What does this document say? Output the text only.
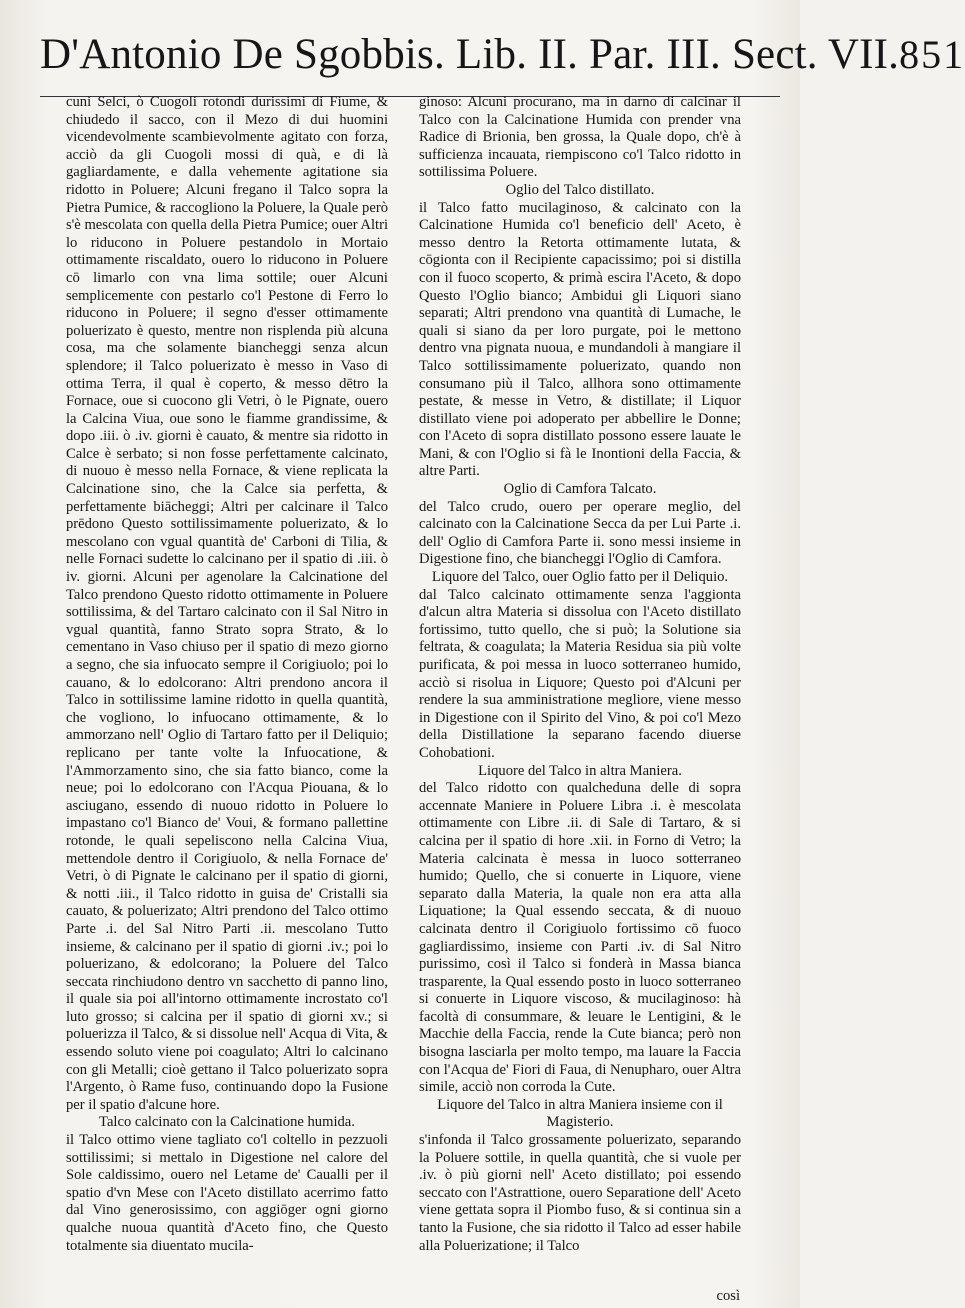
D'Antonio De Sgobbis. Lib. II. Par. III. Sect. VII. 851

cuni Selci, ò Cuogoli rotondi durissimi di Fiume, & chiudedo il sacco, con il Mezo di dui huomini vicendevolmente scambievolmente agitato con forza, acciò da gli Cuogoli mossi di quà, e di là gagliardamente, e dalla vehemente agitatione sia ridotto in Poluere; Alcuni fregano il Talco sopra la Pietra Pumice, & raccogliono la Poluere, la Quale però s'è mescolata con quella della Pietra Pumice; ouer Altri lo riducono in Poluere pestandolo in Mortaio ottimamente riscaldato, ouero lo riducono in Poluere cō limarlo con vna lima sottile; ouer Alcuni semplicemente con pestarlo co'l Pestone di Ferro lo riducono in Poluere; il segno d'esser ottimamente poluerizato è questo, mentre non risplenda più alcuna cosa, ma che solamente biancheggi senza alcun splendore; il Talco poluerizato è messo in Vaso di ottima Terra, il qual è coperto, & messo dētro la Fornace, oue si cuocono gli Vetri, ò le Pignate, ouero la Calcina Viua, oue sono le fiamme grandissime, & dopo .iii. ò .iv. giorni è cauato, & mentre sia ridotto in Calce è serbato; si non fosse perfettamente calcinato, di nuouo è messo nella Fornace, & viene replicata la Calcinatione sino, che la Calce sia perfetta, & perfettamente biācheggi; Altri per calcinare il Talco prēdono Questo sottilissimamente poluerizato, & lo mescolano con vgual quantità de' Carboni di Tilia, & nelle Fornaci sudette lo calcinano per il spatio di .iii. ò iv. giorni. Alcuni per agenolare la Calcinatione del Talco prendono Questo ridotto ottimamente in Poluere sottilissima, & del Tartaro calcinato con il Sal Nitro in vgual quantità, fanno Strato sopra Strato, & lo cementano in Vaso chiuso per il spatio di mezo giorno a segno, che sia infuocato sempre il Corigiuolo; poi lo cauano, & lo edolcorano: Altri prendono ancora il Talco in sottilissime lamine ridotto in quella quantità, che vogliono, lo infuocano ottimamente, & lo ammorzano nell' Oglio di Tartaro fatto per il Deliquio; replicano per tante volte la Infuocatione, & l'Ammorzamento sino, che sia fatto bianco, come la neue; poi lo edolcorano con l'Acqua Piouana, & lo asciugano, essendo di nuouo ridotto in Poluere lo impastano co'l Bianco de' Voui, & formano pallettine rotonde, le quali sepeliscono nella Calcina Viua, mettendole dentro il Corigiuolo, & nella Fornace de' Vetri, ò di Pignate le calcinano per il spatio di giorni, & notti .iii., il Talco ridotto in guisa de' Cristalli sia cauato, & poluerizato; Altri prendono del Talco ottimo Parte .i. del Sal Nitro Parti .ii. mescolano Tutto insieme, & calcinano per il spatio di giorni .iv.; poi lo poluerizano, & edolcorano; la Poluere del Talco seccata rinchiudono dentro vn sacchetto di panno lino, il quale sia poi all'intorno ottimamente incrostato co'l luto grosso; si calcina per il spatio di giorni xv.; si poluerizza il Talco, & si dissolue nell' Acqua di Vita, & essendo soluto viene poi coagulato; Altri lo calcinano con gli Metalli; cioè gettano il Talco poluerizato sopra l'Argento, ò Rame fuso, continuando dopo la Fusione per il spatio d'alcune hore.

Talco calcinato con la Calcinatione humida.

il Talco ottimo viene tagliato co'l coltello in pezzuoli sottilissimi; si mettalo in Digestione nel calore del Sole caldissimo, ouero nel Letame de' Caualli per il spatio d'vn Mese con l'Aceto distillato acerrimo fatto dal Vino generosissimo, con aggiōger ogni giorno qualche nuoua quantità d'Aceto fino, che Questo totalmente sia diuentato mucila-

ginoso: Alcuni procurano, ma in darno di calcinar il Talco con la Calcinatione Humida con prender vna Radice di Brionia, ben grossa, la Quale dopo, ch'è à sufficienza incauata, riempiscono co'l Talco ridotto in sottilissima Poluere.

Oglio del Talco distillato.

il Talco fatto mucilaginoso, & calcinato con la Calcinatione Humida co'l beneficio dell' Aceto, è messo dentro la Retorta ottimamente lutata, & cōgionta con il Recipiente capacissimo; poi si distilla con il fuoco scoperto, & primà escira l'Aceto, & dopo Questo l'Oglio bianco; Ambidui gli Liquori siano separati; Altri prendono vna quantità di Lumache, le quali si siano da per loro purgate, poi le mettono dentro vna pignata nuoua, e mundandoli à mangiare il Talco sottilissimamente poluerizato, quando non consumano più il Talco, allhora sono ottimamente pestate, & messe in Vetro, & distillate; il Liquor distillato viene poi adoperato per abbellire le Donne; con l'Aceto di sopra distillato possono essere lauate le Mani, & con l'Oglio si fà le Inontioni della Faccia, & altre Parti.

Oglio di Camfora Talcato.

del Talco crudo, ouero per operare meglio, del calcinato con la Calcinatione Secca da per Lui Parte .i. dell' Oglio di Camfora Parte ii. sono messi insieme in Digestione fino, che biancheggi l'Oglio di Camfora.

Liquore del Talco, ouer Oglio fatto per il Deliquio.

dal Talco calcinato ottimamente senza l'aggionta d'alcun altra Materia si dissolua con l'Aceto distillato fortissimo, tutto quello, che si può; la Solutione sia feltrata, & coagulata; la Materia Residua sia più volte purificata, & poi messa in luoco sotterraneo humido, acciò si risolua in Liquore; Questo poi d'Alcuni per rendere la sua amministratione megliore, viene messo in Digestione con il Spirito del Vino, & poi co'l Mezo della Distillatione la separano facendo diuerse Cohobationi.

Liquore del Talco in altra Maniera.

del Talco ridotto con qualcheduna delle di sopra accennate Maniere in Poluere Libra .i. è mescolata ottimamente con Libre .ii. di Sale di Tartaro, & si calcina per il spatio di hore .xii. in Forno di Vetro; la Materia calcinata è messa in luoco sotterraneo humido; Quello, che si conuerte in Liquore, viene separato dalla Materia, la quale non era atta alla Liquatione; la Qual essendo seccata, & di nuouo calcinata dentro il Corigiuolo fortissimo cō fuoco gagliardissimo, insieme con Parti .iv. di Sal Nitro purissimo, così il Talco si fonderà in Massa bianca trasparente, la Qual essendo posto in luoco sotterraneo si conuerte in Liquore viscoso, & mucilaginoso: hà facoltà di consummare, & leuare le Lentigini, & le Macchie della Faccia, rende la Cute bianca; però non bisogna lasciarla per molto tempo, ma lauare la Faccia con l'Acqua de' Fiori di Faua, di Nenupharo, ouer Altra simile, acciò non corroda la Cute.

Liquore del Talco in altra Maniera insieme con il Magisterio.

s'infonda il Talco grossamente poluerizato, separando la Poluere sottile, in quella quantità, che si vuole per .iv. ò più giorni nell' Aceto distillato; poi essendo seccato con l'Astrattione, ouero Separatione dell' Aceto viene gettata sopra il Piombo fuso, & si continua sin a tanto la Fusione, che sia ridotto il Talco ad esser habile alla Poluerizatione; il Talco

così
